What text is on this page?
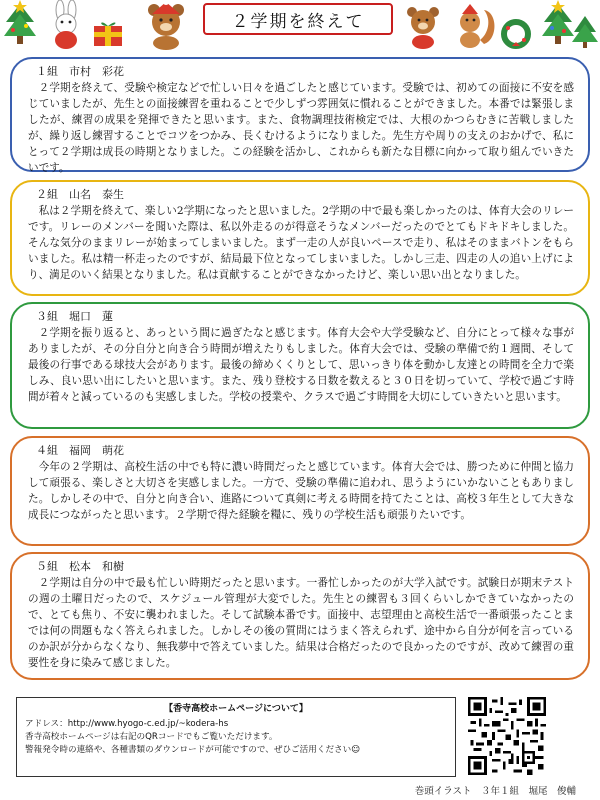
２学期を終えて
１組　市村　彩花

２学期を終えて、受験や検定などで忙しい日々を過ごしたと感じています。受験では、初めての面接に不安を感じていましたが、先生との面接練習を重ねることで少しずつ雰囲気に慣れることができました。本番では緊張しましたが、練習の成果を発揮できたと思います。また、食物調理技術検定では、大根のかつらむきに苦戦しましたが、繰り返し練習することでコツをつかみ、長くむけるようになりました。先生方や周りの支えのおかげで、私にとって２学期は成長の時期となりました。この経験を活かし、これからも新たな目標に向かって取り組んでいきたいです。

２組　山名　泰生

私は２学期を終えて、楽しい2学期になったと思いました。2学期の中で最も楽しかったのは、体育大会のリレーです。リレーのメンバーを聞いた際は、私以外走るのが得意そうなメンバーだったのでとてもドキドキしました。そんな気分のままリレーが始まってしまいました。まず一走の人が良いペースで走り、私はそのままバトンをもらいました。私は精一杯走ったのですが、結局最下位となってしまいました。しかし三走、四走の人の追い上げにより、満足のいく結果となりました。私は貢献することができなかったけど、楽しい思い出となりました。

３組　堀口　蓮

２学期を振り返ると、あっという間に過ぎたなと感じます。体育大会や大学受験など、自分にとって様々な事がありましたが、その分自分と向き合う時間が増えたりもしました。体育大会では、受験の準備で約１週間、そして最後の行事である球技大会があります。最後の締めくくりとして、思いっきり体を動かし友達との時間を全力で楽しみ、良い思い出にしたいと思います。また、残り登校する日数を数えると３０日を切っていて、学校で過ごす時間が着々と減っているのも実感しました。学校の授業や、クラスで過ごす時間を大切にしていきたいと思います。

４組　福岡　萌花

今年の２学期は、高校生活の中でも特に濃い時間だったと感じています。体育大会では、勝つために仲間と協力して頑張る、楽しさと大切さを実感しました。一方で、受験の準備に追われ、思うようにいかないこともありました。しかしその中で、自分と向き合い、進路について真剣に考える時間を持てたことは、高校３年生として大きな成長につながったと思います。２学期で得た経験を糧に、残りの学校生活も頑張りたいです。

５組　松本　和樹

２学期は自分の中で最も忙しい時期だったと思います。一番忙しかったのが大学入試です。試験日が期末テストの週の土曜日だったので、スケジュール管理が大変でした。先生との練習も３回くらいしかできていなかったので、とても焦り、不安に襲われました。そして試験本番です。面接中、志望理由と高校生活で一番頑張ったことまでは何の問題もなく答えられました。しかしその後の質問にはうまく答えられず、途中から自分が何を言っているのか訳が分からなくなり、無我夢中で答えていました。結果は合格だったので良かったのですが、改めて練習の重要性を身に染みて感じました。

【香寺高校ホームページについて】
アドレス：http://www.hyogo-c.ed.jp/~kodera-hs
香寺高校ホームページは右記のQRコードでもご覧いただけます。
警報発令時の連絡や、各種書類のダウンロードが可能ですので、ぜひご活用ください☺
巻頭イラスト　３年１組　堀尾　俊輔
